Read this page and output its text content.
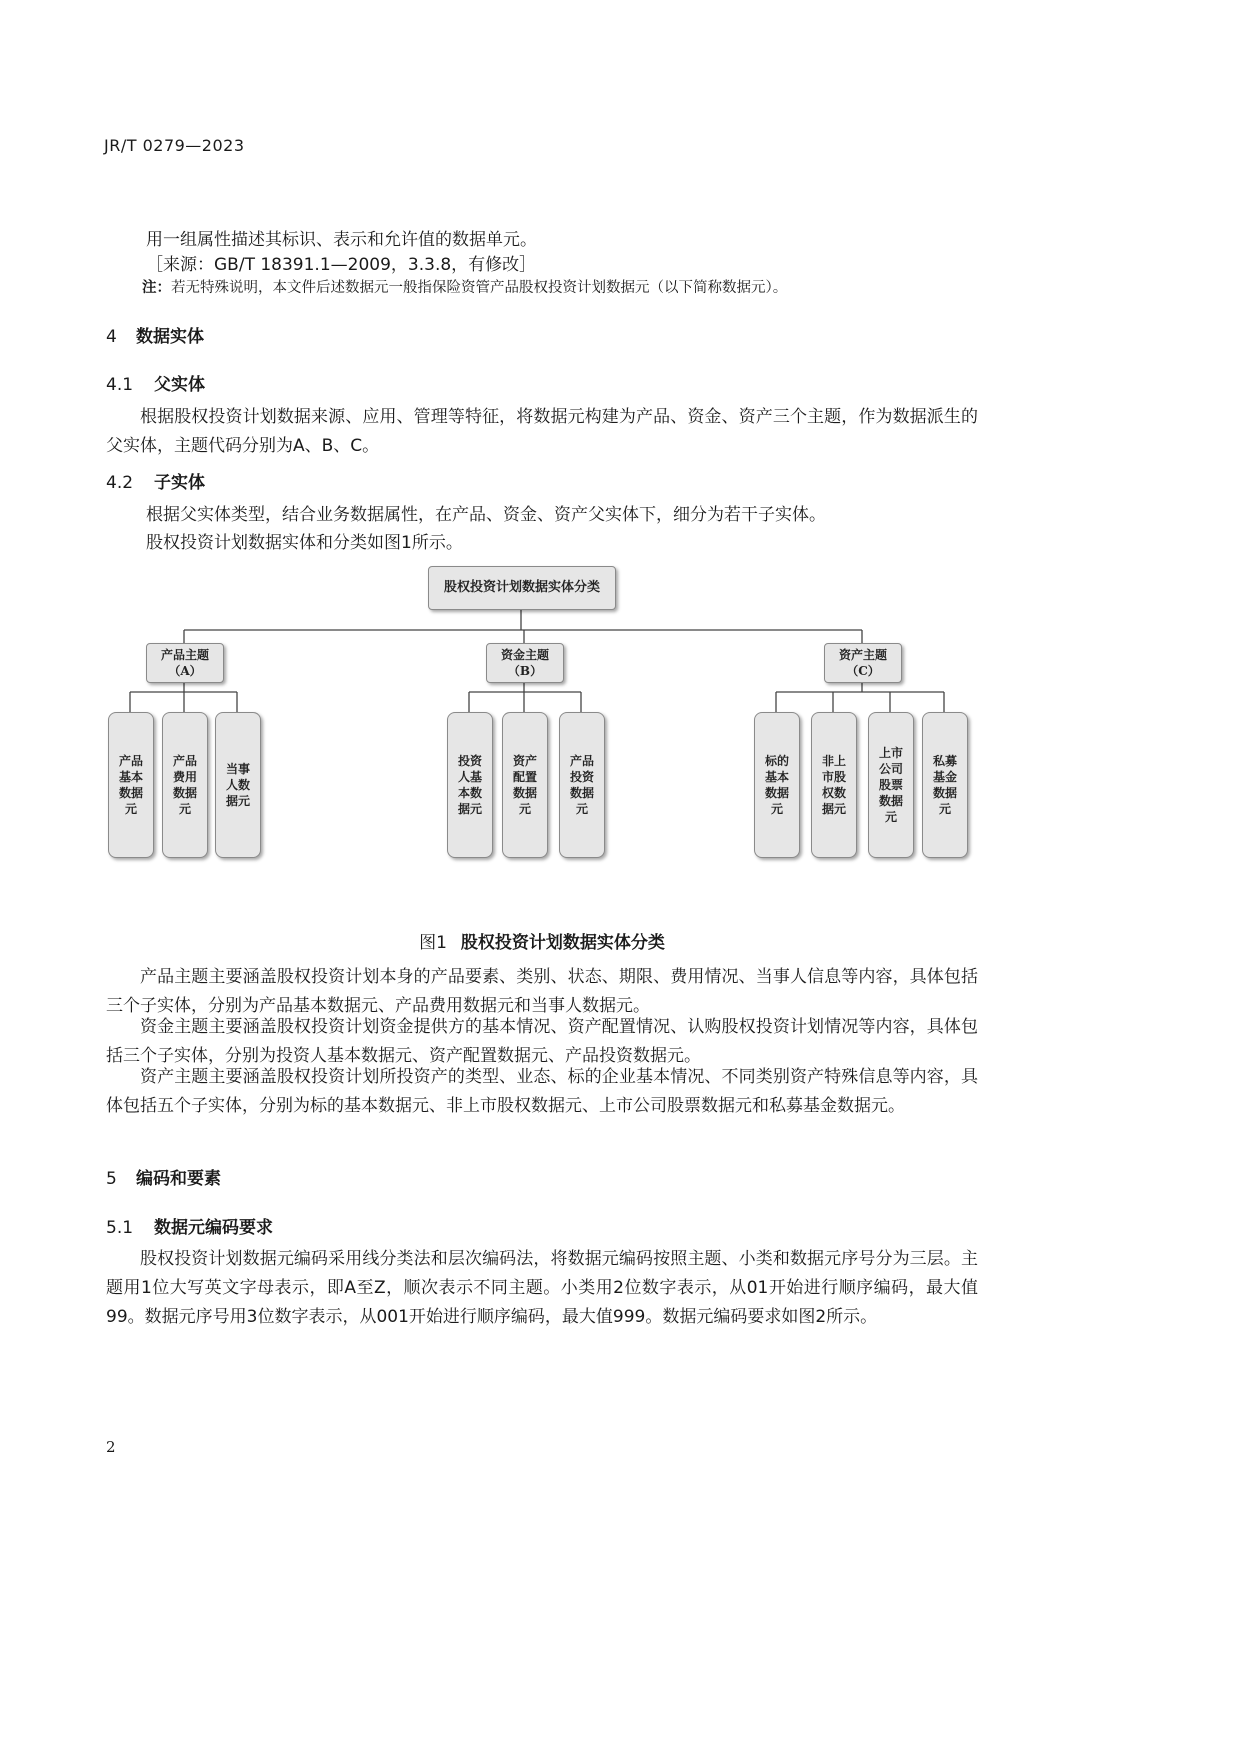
JR/T 0279—2023
用一组属性描述其标识、表示和允许值的数据单元。
［来源：GB/T 18391.1—2009，3.3.8，有修改］
注：若无特殊说明，本文件后述数据元一般指保险资管产品股权投资计划数据元（以下简称数据元）。
4 数据实体
4.1 父实体

根据股权投资计划数据来源、应用、管理等特征，将数据元构建为产品、资金、资产三个主题，作为数据派生的父实体，主题代码分别为A、B、C。

4.2 子实体
根据父实体类型，结合业务数据属性，在产品、资金、资产父实体下，细分为若干子实体。
股权投资计划数据实体和分类如图1所示。
股权投资计划数据实体分类
产品主题
（A）
资金主题
（B）
资产主题
（C）
产品基本数据元
产品费用数据元
当事人数据元
投资人基本数据元
资产配置数据元
产品投资数据元
标的基本数据元
非上市股权数据元
上市公司股票数据元
私募基金数据元
图1 股权投资计划数据实体分类

产品主题主要涵盖股权投资计划本身的产品要素、类别、状态、期限、费用情况、当事人信息等内容，具体包括三个子实体，分别为产品基本数据元、产品费用数据元和当事人数据元。

资金主题主要涵盖股权投资计划资金提供方的基本情况、资产配置情况、认购股权投资计划情况等内容，具体包括三个子实体，分别为投资人基本数据元、资产配置数据元、产品投资数据元。

资产主题主要涵盖股权投资计划所投资产的类型、业态、标的企业基本情况、不同类别资产特殊信息等内容，具体包括五个子实体，分别为标的基本数据元、非上市股权数据元、上市公司股票数据元和私募基金数据元。

5 编码和要素
5.1 数据元编码要求

股权投资计划数据元编码采用线分类法和层次编码法，将数据元编码按照主题、小类和数据元序号分为三层。主题用1位大写英文字母表示，即A至Z，顺次表示不同主题。小类用2位数字表示，从01开始进行顺序编码，最大值99。数据元序号用3位数字表示，从001开始进行顺序编码，最大值999。数据元编码要求如图2所示。

2
